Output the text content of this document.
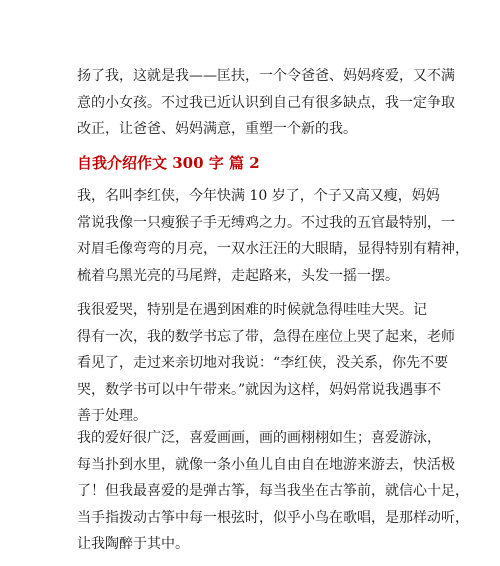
扬了我，这就是我——匡扶，一个令爸爸、妈妈疼爱，又不满
意的小女孩。不过我已近认识到自己有很多缺点，我一定争取
改正，让爸爸、妈妈满意，重塑一个新的我。
自我介绍作文 300 字 篇 2
我，名叫李红侠，今年快满 10 岁了，个子又高又瘦，妈妈
常说我像一只瘦猴子手无缚鸡之力。不过我的五官最特别，一
对眉毛像弯弯的月亮，一双水汪汪的大眼睛，显得特别有精神，
梳着乌黑光亮的马尾辫，走起路来，头发一摇一摆。
我很爱哭，特别是在遇到困难的时候就急得哇哇大哭。记
得有一次，我的数学书忘了带，急得在座位上哭了起来，老师
看见了，走过来亲切地对我说：“李红侠，没关系，你先不要
哭，数学书可以中午带来。”就因为这样，妈妈常说我遇事不
善于处理。
我的爱好很广泛，喜爱画画，画的画栩栩如生；喜爱游泳，
每当扑到水里，就像一条小鱼儿自由自在地游来游去，快活极
了！但我最喜爱的是弹古筝，每当我坐在古筝前，就信心十足，
当手指拨动古筝中每一根弦时，似乎小鸟在歌唱，是那样动听，
让我陶醉于其中。
